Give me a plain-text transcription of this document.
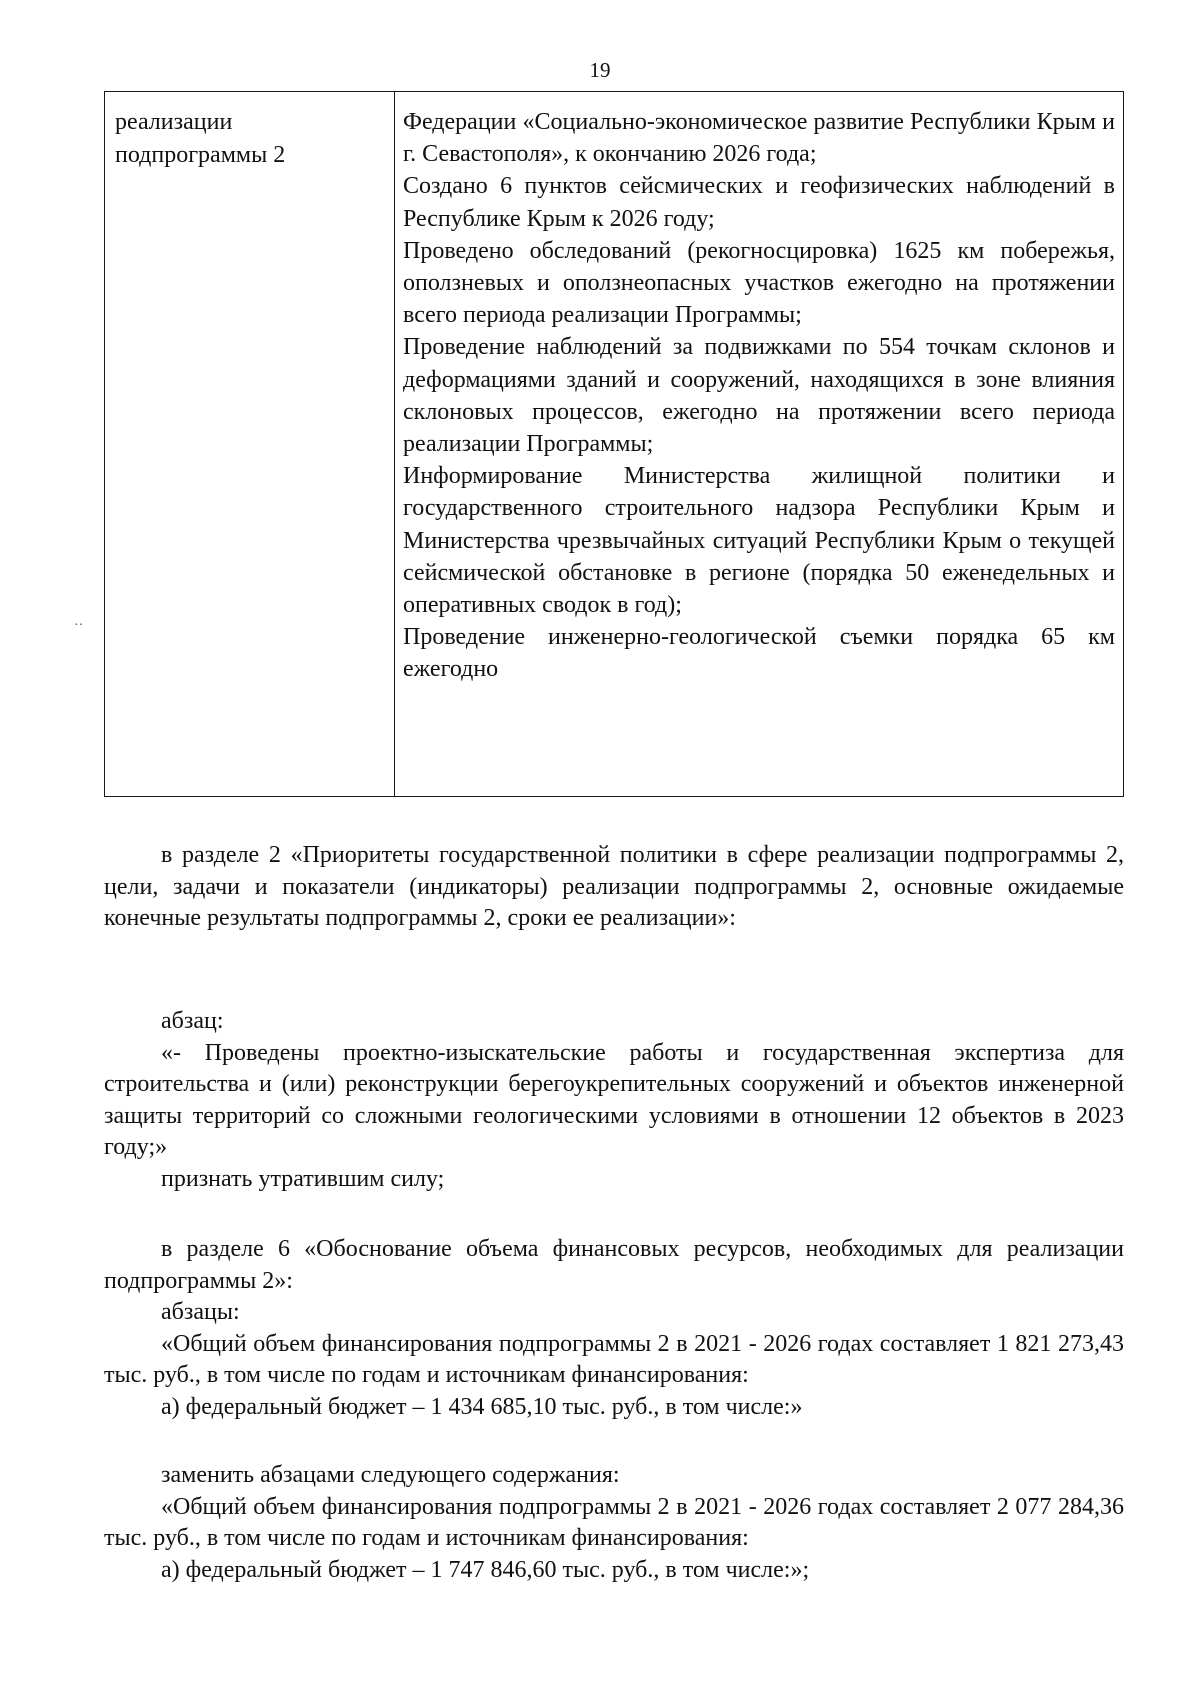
19
реализации
подпрограммы 2
Федерации «Социально-экономическое развитие Республики Крым и г. Севастополя», к окончанию 2026 года;
Создано 6 пунктов сейсмических и геофизических наблюдений в Республике Крым к 2026 году;
Проведено обследований (рекогносцировка) 1625 км побережья, оползневых и оползнеопасных участков ежегодно на протяжении всего периода реализации Программы;
Проведение наблюдений за подвижками по 554 точкам склонов и деформациями зданий и сооружений, находящихся в зоне влияния склоновых процессов, ежегодно на протяжении всего периода реализации Программы;
Информирование Министерства жилищной политики и государственного строительного надзора Республики Крым и Министерства чрезвычайных ситуаций Республики Крым о текущей сейсмической обстановке в регионе (порядка 50 еженедельных и оперативных сводок в год);
Проведение инженерно-геологической съемки порядка 65 км ежегодно

в разделе 2 «Приоритеты государственной политики в сфере реализации подпрограммы 2, цели, задачи и показатели (индикаторы) реализации подпрограммы 2, основные ожидаемые конечные результаты подпрограммы 2, сроки ее реализации»:

абзац:

«- Проведены проектно-изыскательские работы и государственная экспертиза для строительства и (или) реконструкции берегоукрепительных сооружений и объектов инженерной защиты территорий со сложными геологическими условиями в отношении 12 объектов в 2023 году;»

признать утратившим силу;

в разделе 6 «Обоснование объема финансовых ресурсов, необходимых для реализации подпрограммы 2»:

абзацы:

«Общий объем финансирования подпрограммы 2 в 2021 - 2026 годах составляет 1 821 273,43 тыс. руб., в том числе по годам и источникам финансирования:

а) федеральный бюджет – 1 434 685,10 тыс. руб., в том числе:»

заменить абзацами следующего содержания:

«Общий объем финансирования подпрограммы 2 в 2021 - 2026 годах составляет 2 077 284,36 тыс. руб., в том числе по годам и источникам финансирования:

а) федеральный бюджет – 1 747 846,60 тыс. руб., в том числе:»;

··
